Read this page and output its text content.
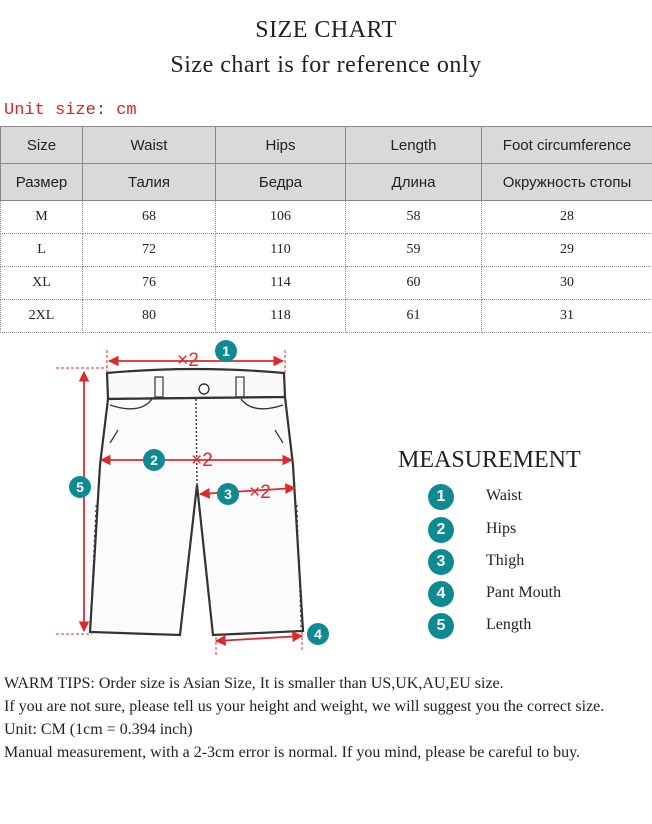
SIZE CHART
Size chart is for reference only
Unit size: cm
Size	Waist	Hips	Length	Foot circumference
Размер	Талия	Бедра	Длина	Окружность стопы
M	68	106	58	28
L	72	110	59	29
XL	76	114	60	30
2XL	80	118	61	31
1
×2
2 ×2
3 ×2
4
5
MEASUREMENT
1	Waist
2	Hips
3	Thigh
4	Pant Mouth
5	Length

WARM TIPS: Order size is Asian Size, It is smaller than US,UK,AU,EU size.

If you are not sure, please tell us your height and weight, we will suggest you the correct size.

Unit: CM (1cm = 0.394 inch)

Manual measurement, with a 2-3cm error is normal. If you mind, please be careful to buy.
